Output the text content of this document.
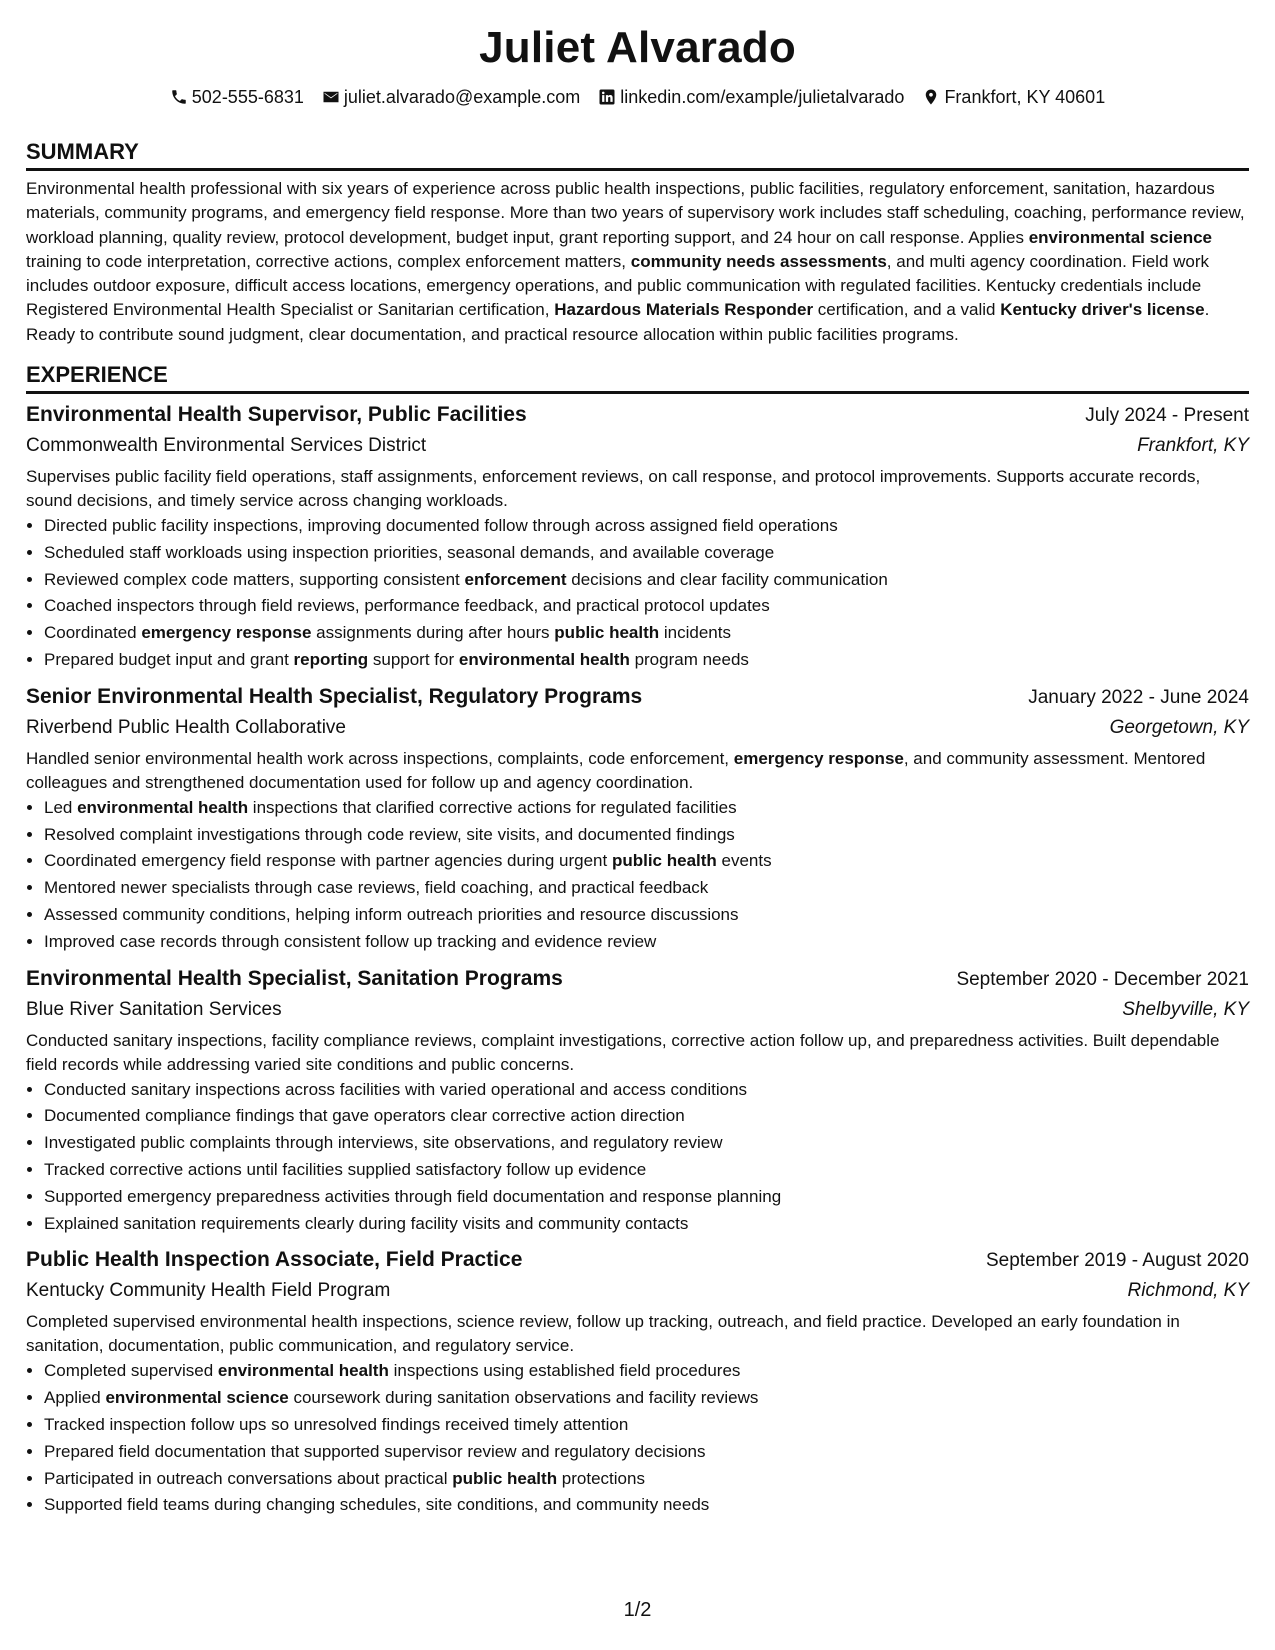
Juliet Alvarado
502-555-6831 juliet.alvarado@example.com linkedin.com/example/julietalvarado Frankfort, KY 40601
SUMMARY

Environmental health professional with six years of experience across public health inspections, public facilities, regulatory enforcement, sanitation, hazardous materials, community programs, and emergency field response. More than two years of supervisory work includes staff scheduling, coaching, performance review, workload planning, quality review, protocol development, budget input, grant reporting support, and 24 hour on call response. Applies environmental science training to code interpretation, corrective actions, complex enforcement matters, community needs assessments, and multi agency coordination. Field work includes outdoor exposure, difficult access locations, emergency operations, and public communication with regulated facilities. Kentucky credentials include Registered Environmental Health Specialist or Sanitarian certification, Hazardous Materials Responder certification, and a valid Kentucky driver's license. Ready to contribute sound judgment, clear documentation, and practical resource allocation within public facilities programs.

EXPERIENCE
Environmental Health Supervisor, Public Facilities	July 2024 - Present
Commonwealth Environmental Services District	Frankfort, KY

Supervises public facility field operations, staff assignments, enforcement reviews, on call response, and protocol improvements. Supports accurate records, sound decisions, and timely service across changing workloads.

• Directed public facility inspections, improving documented follow through across assigned field operations
• Scheduled staff workloads using inspection priorities, seasonal demands, and available coverage
• Reviewed complex code matters, supporting consistent enforcement decisions and clear facility communication
• Coached inspectors through field reviews, performance feedback, and practical protocol updates
• Coordinated emergency response assignments during after hours public health incidents
• Prepared budget input and grant reporting support for environmental health program needs
Senior Environmental Health Specialist, Regulatory Programs	January 2022 - June 2024
Riverbend Public Health Collaborative	Georgetown, KY

Handled senior environmental health work across inspections, complaints, code enforcement, emergency response, and community assessment. Mentored colleagues and strengthened documentation used for follow up and agency coordination.

• Led environmental health inspections that clarified corrective actions for regulated facilities
• Resolved complaint investigations through code review, site visits, and documented findings
• Coordinated emergency field response with partner agencies during urgent public health events
• Mentored newer specialists through case reviews, field coaching, and practical feedback
• Assessed community conditions, helping inform outreach priorities and resource discussions
• Improved case records through consistent follow up tracking and evidence review
Environmental Health Specialist, Sanitation Programs	September 2020 - December 2021
Blue River Sanitation Services	Shelbyville, KY

Conducted sanitary inspections, facility compliance reviews, complaint investigations, corrective action follow up, and preparedness activities. Built dependable field records while addressing varied site conditions and public concerns.

• Conducted sanitary inspections across facilities with varied operational and access conditions
• Documented compliance findings that gave operators clear corrective action direction
• Investigated public complaints through interviews, site observations, and regulatory review
• Tracked corrective actions until facilities supplied satisfactory follow up evidence
• Supported emergency preparedness activities through field documentation and response planning
• Explained sanitation requirements clearly during facility visits and community contacts
Public Health Inspection Associate, Field Practice	September 2019 - August 2020
Kentucky Community Health Field Program	Richmond, KY

Completed supervised environmental health inspections, science review, follow up tracking, outreach, and field practice. Developed an early foundation in sanitation, documentation, public communication, and regulatory service.

• Completed supervised environmental health inspections using established field procedures
• Applied environmental science coursework during sanitation observations and facility reviews
• Tracked inspection follow ups so unresolved findings received timely attention
• Prepared field documentation that supported supervisor review and regulatory decisions
• Participated in outreach conversations about practical public health protections
• Supported field teams during changing schedules, site conditions, and community needs
1/2
